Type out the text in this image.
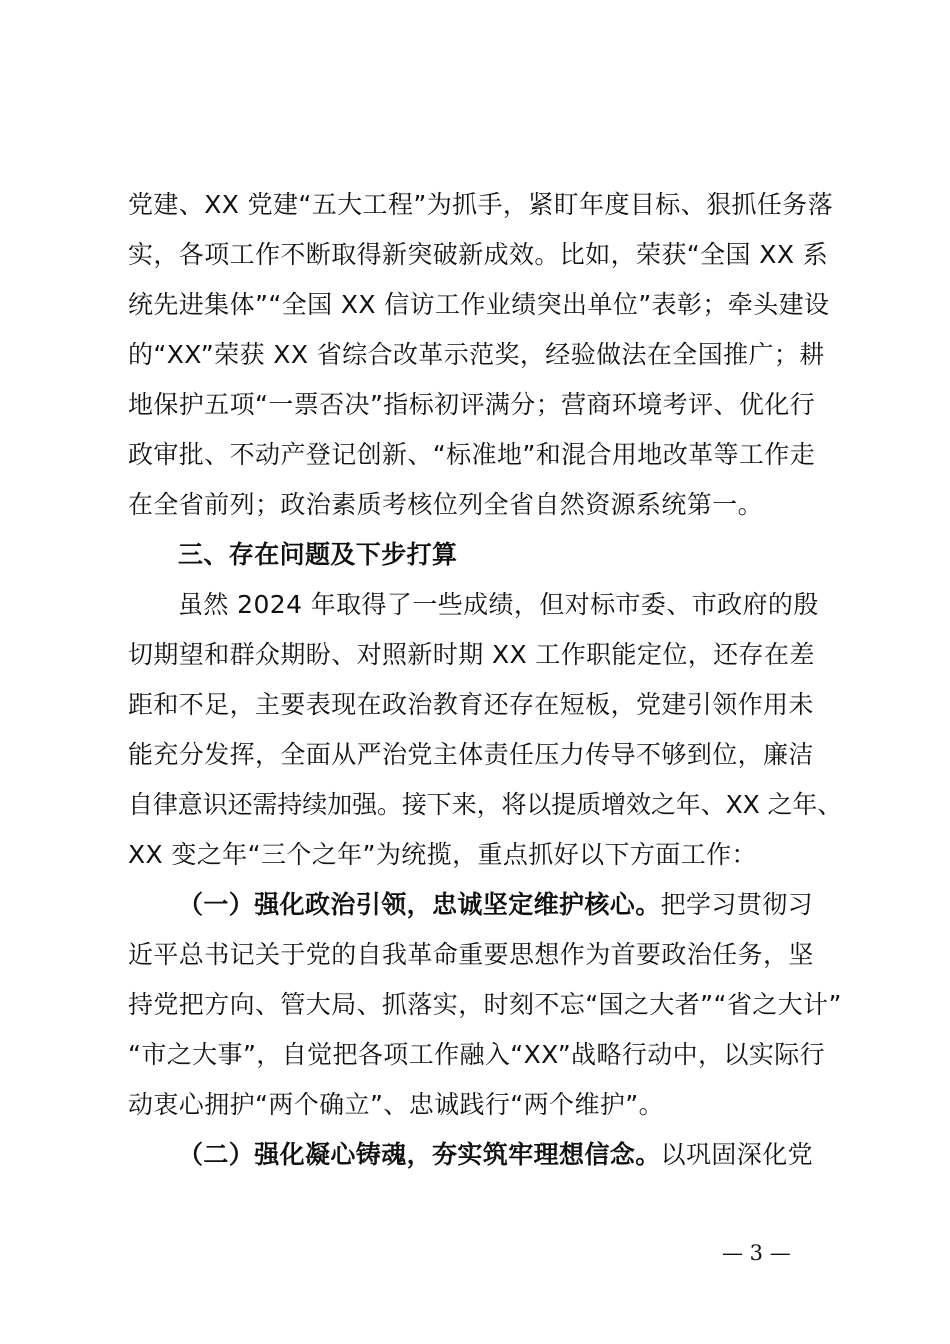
党建、XX 党建“五大工程”为抓手，紧盯年度目标、狠抓任务落
实，各项工作不断取得新突破新成效。比如，荣获“全国 XX 系
统先进集体”“全国 XX 信访工作业绩突出单位”表彰；牵头建设
的“XX”荣获 XX 省综合改革示范奖，经验做法在全国推广；耕
地保护五项“一票否决”指标初评满分；营商环境考评、优化行
政审批、不动产登记创新、“标准地”和混合用地改革等工作走
在全省前列；政治素质考核位列全省自然资源系统第一。
三、存在问题及下步打算
虽然 2024 年取得了一些成绩，但对标市委、市政府的殷
切期望和群众期盼、对照新时期 XX 工作职能定位，还存在差
距和不足，主要表现在政治教育还存在短板，党建引领作用未
能充分发挥，全面从严治党主体责任压力传导不够到位，廉洁
自律意识还需持续加强。接下来，将以提质增效之年、XX 之年、
XX 变之年“三个之年”为统揽，重点抓好以下方面工作：
（一）强化政治引领，忠诚坚定维护核心。把学习贯彻习
近平总书记关于党的自我革命重要思想作为首要政治任务，坚
持党把方向、管大局、抓落实，时刻不忘“国之大者”“省之大计”
“市之大事”，自觉把各项工作融入“XX”战略行动中，以实际行
动衷心拥护“两个确立”、忠诚践行“两个维护”。
（二）强化凝心铸魂，夯实筑牢理想信念。以巩固深化党
— 3 —
